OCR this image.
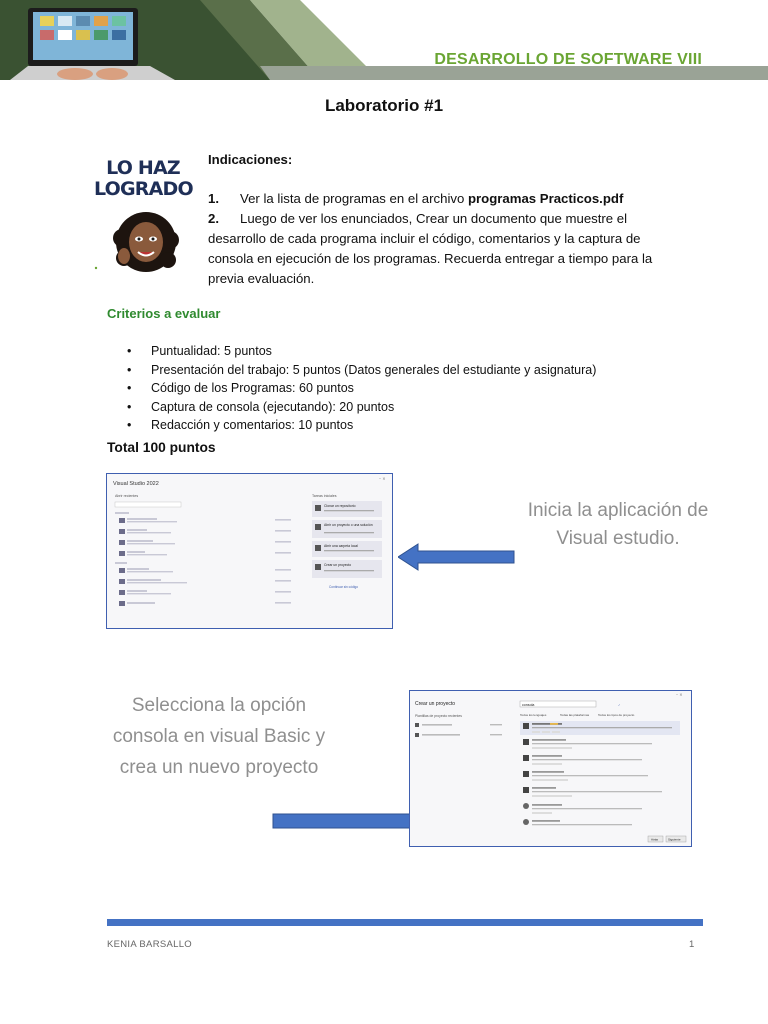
DESARROLLO DE SOFTWARE VIII
Laboratorio #1
LO HAZ
LOGRADO
Indicaciones:

1. Ver la lista de programas en el archivo programas Practicos.pdf

2. Luego de ver los enunciados, Crear un documento que muestre el desarrollo de cada programa incluir el código, comentarios y la captura de consola en ejecución de los programas. Recuerda entregar a tiempo para la previa evaluación.

Criterios a evaluar
• Puntualidad: 5 puntos
• Presentación del trabajo: 5 puntos (Datos generales del estudiante y asignatura)
• Código de los Programas: 60 puntos
• Captura de consola (ejecutando): 20 puntos
• Redacción y comentarios: 10 puntos
Total 100 puntos
– ×
Visual Studio 2022
Abrir recientes	Tareas iniciales
Clonar un repositorio
Abrir un proyecto o una solución
Abrir una carpeta local
Crear un proyecto
Continuar sin código
Inicia la aplicación de Visual estudio.
Selecciona la opción consola en visual Basic y crea un nuevo proyecto
– ×
Crear un proyecto
Plantillas de proyecto recientes
consola	✓
Todos los lenguajes	Todas las plataformas	Todos los tipos de proyecto
Atrás	Siguiente
KENIA BARSALLO	1
